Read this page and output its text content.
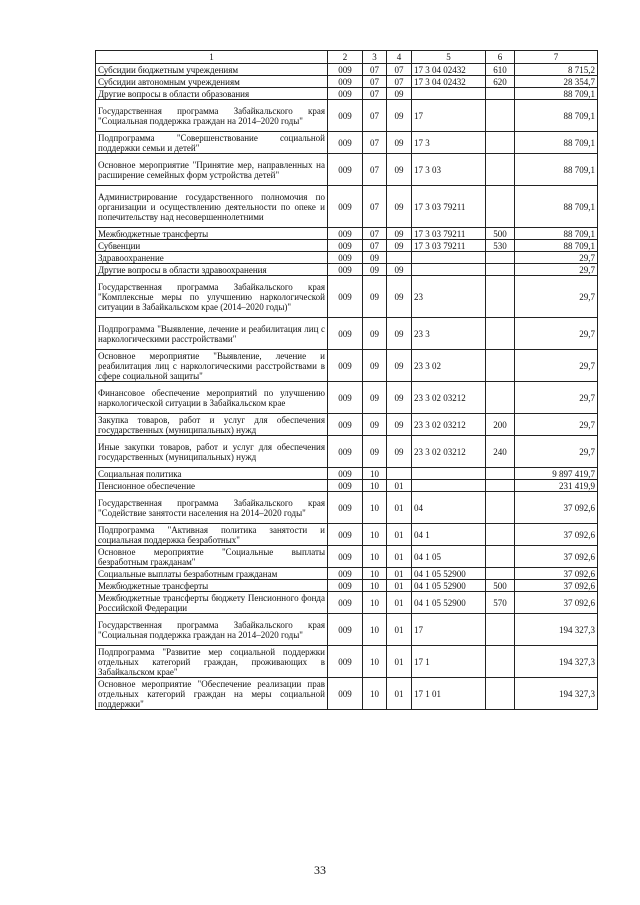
1	2	3	4	5	6	7
Субсидии бюджетным учреждениям	009	07	07	17 3 04 02432	610	8 715,2
Субсидии автономным учреждениям	009	07	07	17 3 04 02432	620	28 354,7
Другие вопросы в области образования	009	07	09			88 709,1
Государственная программа Забайкальского края "Социальная поддержка граждан на 2014–2020 годы"	009	07	09	17		88 709,1
Подпрограмма "Совершенствование социальной поддержки семьи и детей"	009	07	09	17 3		88 709,1
Основное мероприятие "Принятие мер, направленных на расширение семейных форм устройства детей"	009	07	09	17 3 03		88 709,1
Администрирование государственного полномочия по организации и осуществлению деятельности по опеке и попечительству над несовершеннолетними	009	07	09	17 3 03 79211		88 709,1
Межбюджетные трансферты	009	07	09	17 3 03 79211	500	88 709,1
Субвенции	009	07	09	17 3 03 79211	530	88 709,1
Здравоохранение	009	09				29,7
Другие вопросы в области здравоохранения	009	09	09			29,7
Государственная программа Забайкальского края "Комплексные меры по улучшению наркологической ситуации в Забайкальском крае (2014–2020 годы)"	009	09	09	23		29,7
Подпрограмма "Выявление, лечение и реабилитация лиц с наркологическими расстройствами"	009	09	09	23 3		29,7
Основное мероприятие "Выявление, лечение и реабилитация лиц с наркологическими расстройствами в сфере социальной защиты"	009	09	09	23 3 02		29,7
Финансовое обеспечение мероприятий по улучшению наркологической ситуации в Забайкальском крае	009	09	09	23 3 02 03212		29,7
Закупка товаров, работ и услуг для обеспечения государственных (муниципальных) нужд	009	09	09	23 3 02 03212	200	29,7
Иные закупки товаров, работ и услуг для обеспечения государственных (муниципальных) нужд	009	09	09	23 3 02 03212	240	29,7
Социальная политика	009	10				9 897 419,7
Пенсионное обеспечение	009	10	01			231 419,9
Государственная программа Забайкальского края "Содействие занятости населения на 2014–2020 годы"	009	10	01	04		37 092,6
Подпрограмма "Активная политика занятости и социальная поддержка безработных"	009	10	01	04 1		37 092,6
Основное мероприятие "Социальные выплаты безработным гражданам"	009	10	01	04 1 05		37 092,6
Социальные выплаты безработным гражданам	009	10	01	04 1 05 52900		37 092,6
Межбюджетные трансферты	009	10	01	04 1 05 52900	500	37 092,6
Межбюджетные трансферты бюджету Пенсионного фонда Российской Федерации	009	10	01	04 1 05 52900	570	37 092,6
Государственная программа Забайкальского края "Социальная поддержка граждан на 2014–2020 годы"	009	10	01	17		194 327,3
Подпрограмма "Развитие мер социальной поддержки отдельных категорий граждан, проживающих в Забайкальском крае"	009	10	01	17 1		194 327,3
Основное мероприятие "Обеспечение реализации прав отдельных категорий граждан на меры социальной поддержки"	009	10	01	17 1 01		194 327,3
33
